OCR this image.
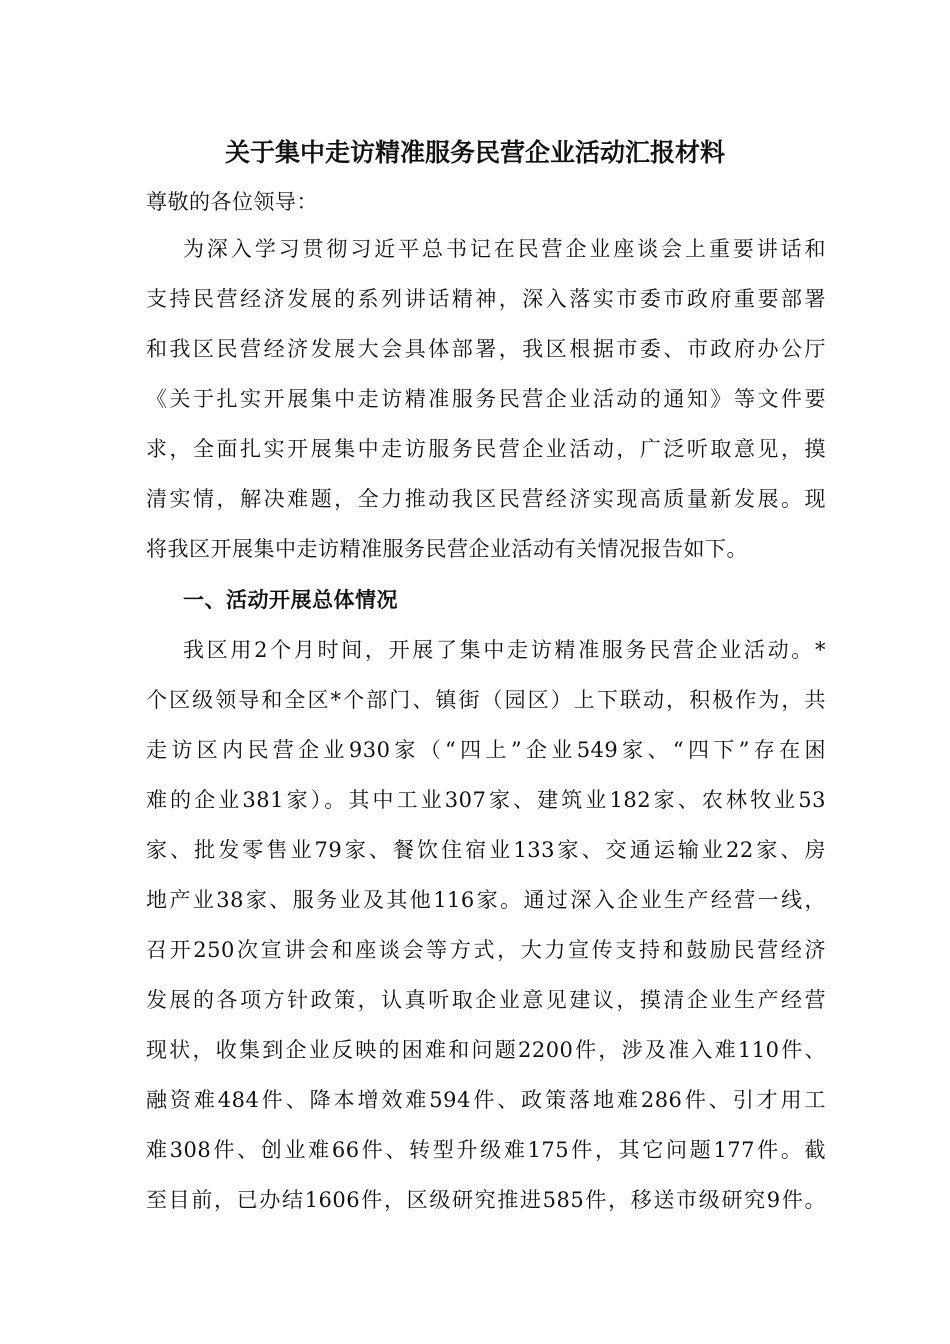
关于集中走访精准服务民营企业活动汇报材料
尊敬的各位领导：
为深入学习贯彻习近平总书记在民营企业座谈会上重要讲话和
支持民营经济发展的系列讲话精神，深入落实市委市政府重要部署
和我区民营经济发展大会具体部署，我区根据市委、市政府办公厅
《关于扎实开展集中走访精准服务民营企业活动的通知》等文件要
求，全面扎实开展集中走访服务民营企业活动，广泛听取意见，摸
清实情，解决难题，全力推动我区民营经济实现高质量新发展。现
将我区开展集中走访精准服务民营企业活动有关情况报告如下。
一、活动开展总体情况
我区用2个月时间，开展了集中走访精准服务民营企业活动。*
个区级领导和全区*个部门、镇街（园区）上下联动，积极作为，共
走访区内民营企业930家（“四上”企业549家、“四下”存在困
难的企业381家）。其中工业307家、建筑业182家、农林牧业53
家、批发零售业79家、餐饮住宿业133家、交通运输业22家、房
地产业38家、服务业及其他116家。通过深入企业生产经营一线，
召开250次宣讲会和座谈会等方式，大力宣传支持和鼓励民营经济
发展的各项方针政策，认真听取企业意见建议，摸清企业生产经营
现状，收集到企业反映的困难和问题2200件，涉及准入难110件、
融资难484件、降本增效难594件、政策落地难286件、引才用工
难308件、创业难66件、转型升级难175件，其它问题177件。截
至目前，已办结1606件，区级研究推进585件，移送市级研究9件。
